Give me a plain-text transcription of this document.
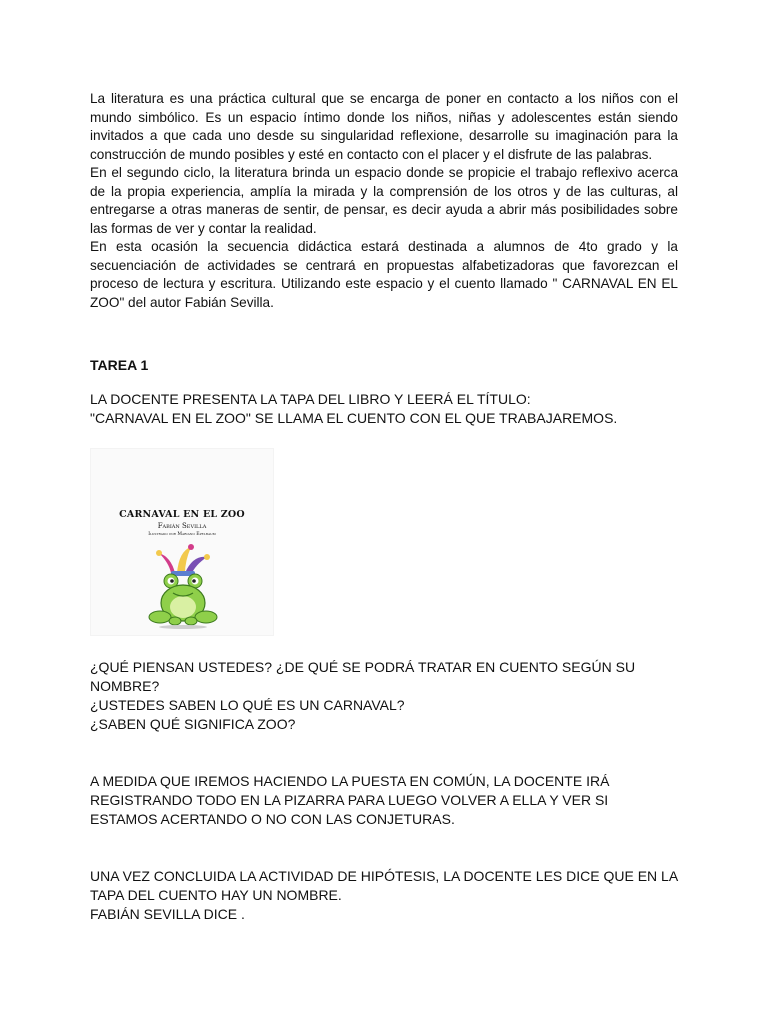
La literatura es una práctica cultural que se encarga de poner en contacto a los niños con el mundo simbólico. Es un espacio íntimo donde los niños, niñas y adolescentes están siendo invitados a que cada uno desde su singularidad reflexione, desarrolle su imaginación para la construcción de mundo posibles y esté en contacto con el placer y el disfrute de las palabras.

En el segundo ciclo, la literatura brinda un espacio donde se propicie el trabajo reflexivo acerca de la propia experiencia, amplía la mirada y la comprensión de los otros y de las culturas, al entregarse a otras maneras de sentir, de pensar, es decir ayuda a abrir más posibilidades sobre las formas de ver y contar la realidad.

En esta ocasión la secuencia didáctica estará destinada a alumnos de 4to grado y la secuenciación de actividades se centrará en propuestas alfabetizadoras que favorezcan el proceso de lectura y escritura. Utilizando este espacio y el cuento llamado " CARNAVAL EN EL ZOO" del autor Fabián Sevilla.

TAREA 1

LA DOCENTE PRESENTA LA TAPA DEL LIBRO Y LEERÁ EL TÍTULO:

"CARNAVAL EN EL ZOO" SE LLAMA EL CUENTO CON EL QUE TRABAJAREMOS.

CARNAVAL EN EL ZOO
Fabián Sevilla
Ilustrado por Mariano Epelbaum

¿QUÉ PIENSAN USTEDES? ¿DE QUÉ SE PODRÁ TRATAR EN CUENTO SEGÚN SU NOMBRE?

¿USTEDES SABEN LO QUÉ ES UN CARNAVAL?

¿SABEN QUÉ SIGNIFICA ZOO?

A MEDIDA QUE IREMOS HACIENDO LA PUESTA EN COMÚN, LA DOCENTE IRÁ REGISTRANDO TODO EN LA PIZARRA PARA LUEGO VOLVER A ELLA Y VER SI ESTAMOS ACERTANDO O NO CON LAS CONJETURAS.

UNA VEZ CONCLUIDA LA ACTIVIDAD DE HIPÓTESIS, LA DOCENTE LES DICE QUE EN LA TAPA DEL CUENTO HAY UN NOMBRE.

FABIÁN SEVILLA DICE .
